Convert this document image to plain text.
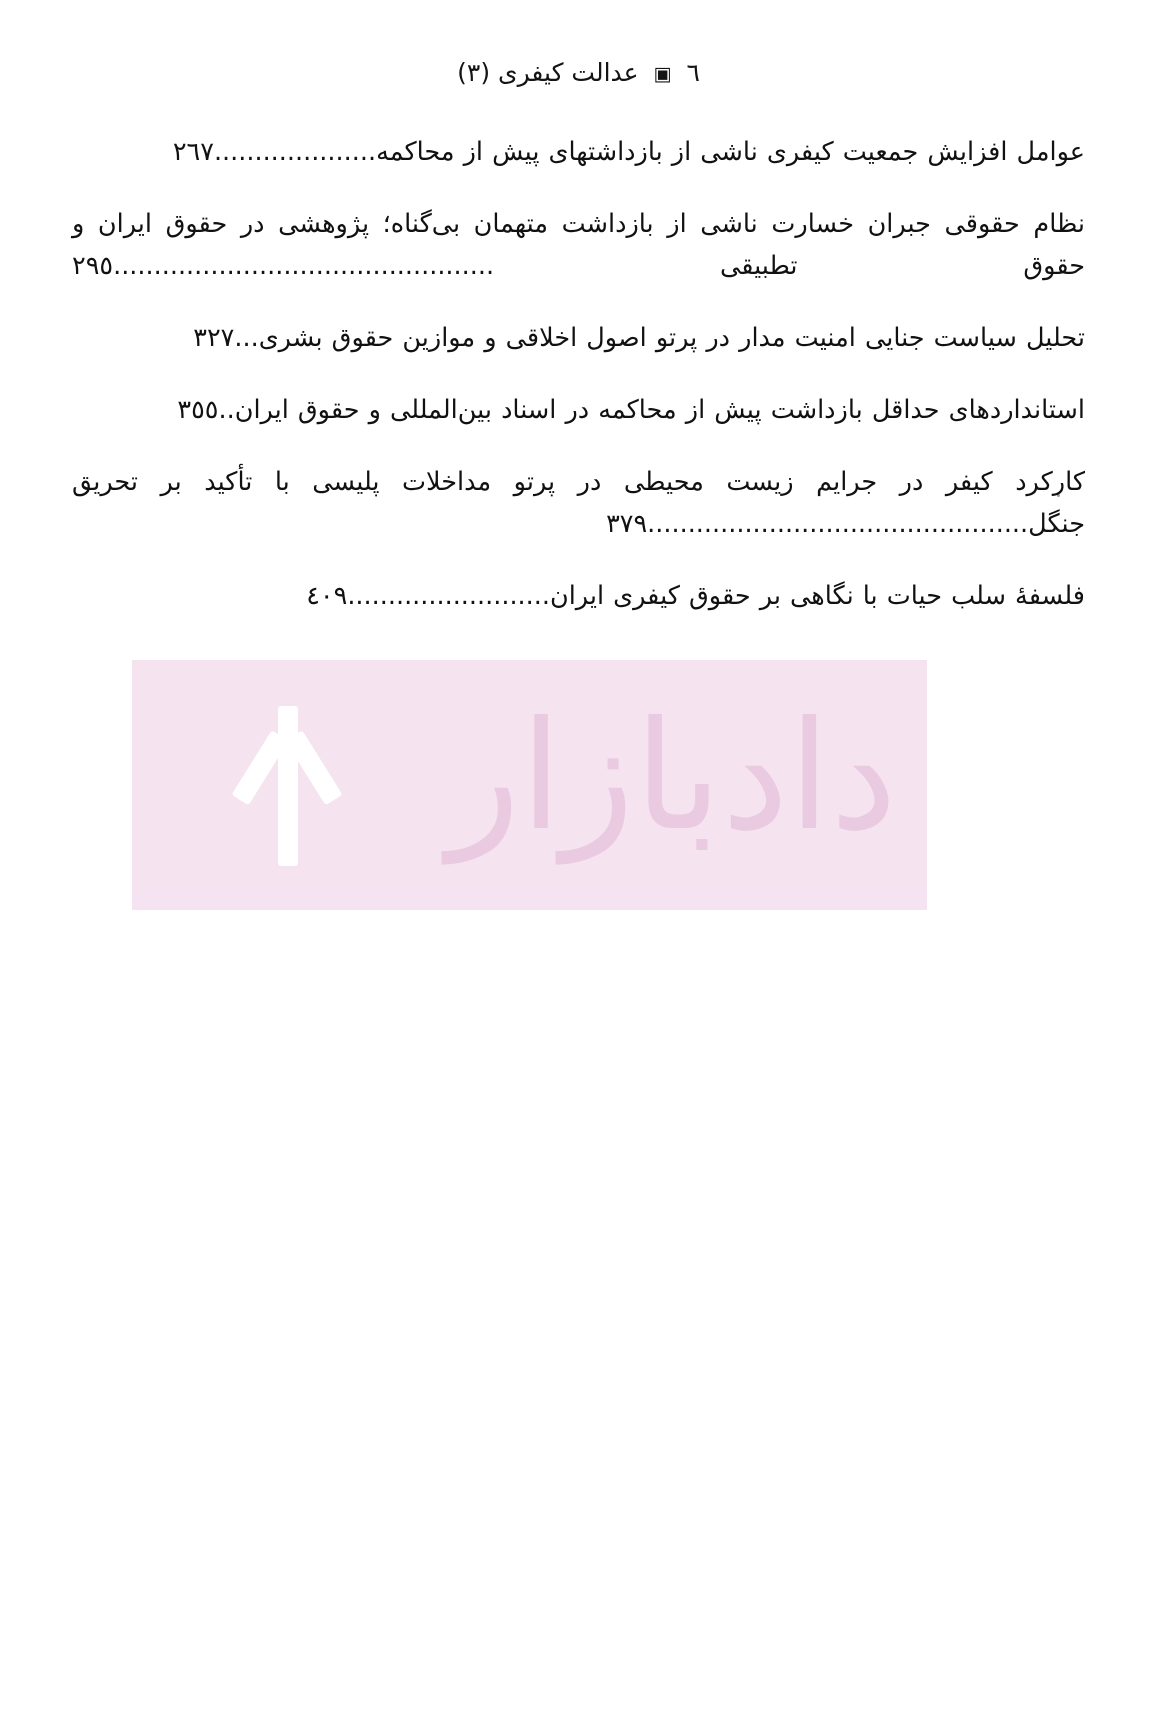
٦ ▣ عدالت کیفری (٣)
دادبازار
عوامل افزایش جمعیت کیفری ناشی از بازداشتهای پیش از محاکمه....................٢٦٧
نظام حقوقی جبران خسارت ناشی از بازداشت متهمان بی‌گناه؛ پژوهشی در حقوق ایران و حقوق تطبیقی ...............................................٢٩٥
تحلیل سیاست جنایی امنیت مدار در پرتو اصول اخلاقی و موازین حقوق بشری...٣٢٧
استانداردهای حداقل بازداشت پیش از محاکمه در اسناد بین‌المللی و حقوق ایران..٣٥٥
کارکرد کیفر در جرایم زیست محیطی در پرتو مداخلات پلیسی با تأکید بر تحریق جنگل...............................................٣٧٩
فلسفۀ سلب حیات با نگاهی بر حقوق کیفری ایران.........................٤٠٩
